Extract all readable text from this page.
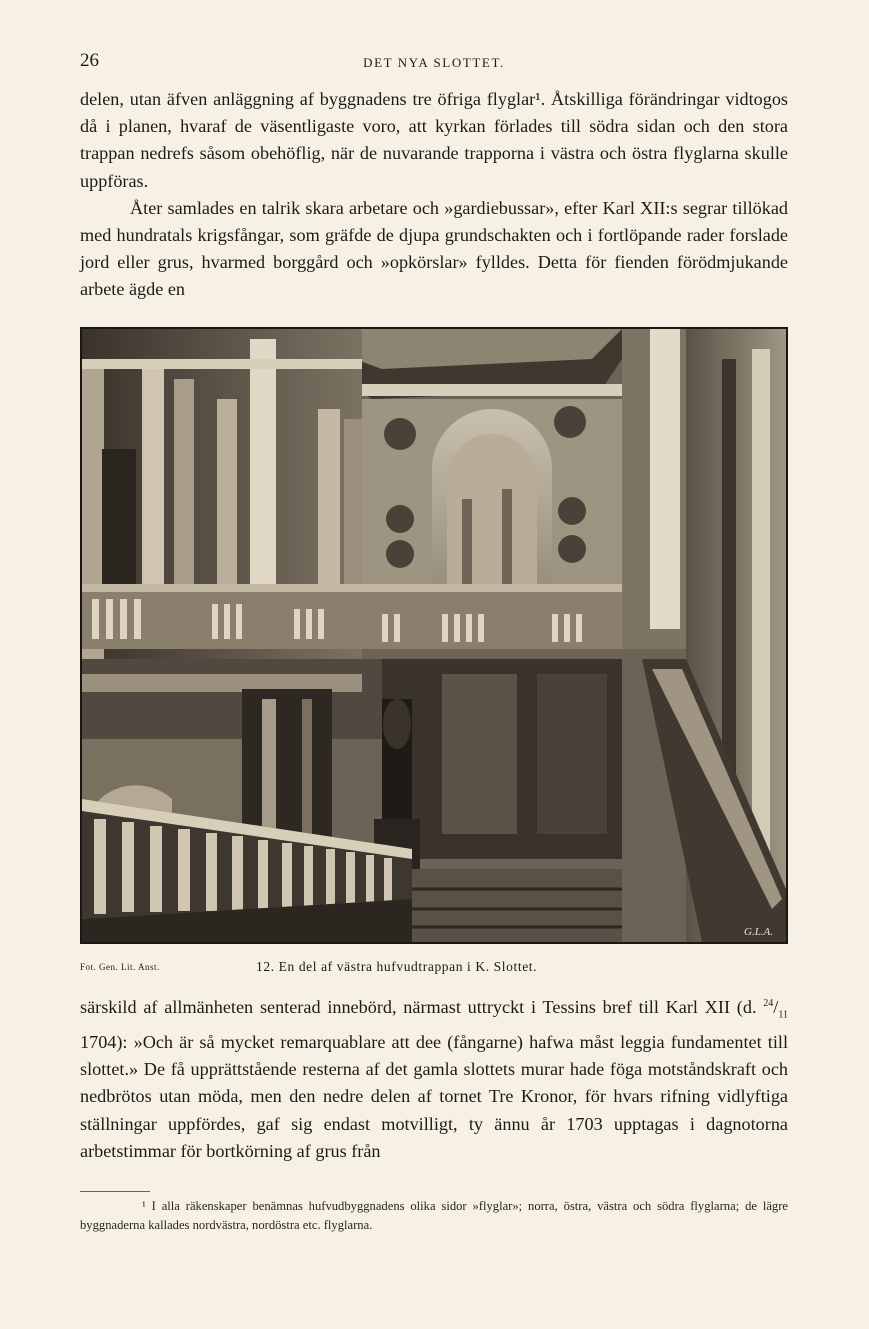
26	DET NYA SLOTTET.
delen, utan äfven anläggning af byggnadens tre öfriga flyglar¹. Åtskilliga förändringar vidtogos då i planen, hvaraf de väsentligaste voro, att kyrkan förlades till södra sidan och den stora trappan nedrefs såsom obehöflig, när de nuvarande trapporna i västra och östra flyglarna skulle uppföras.
Åter samlades en talrik skara arbetare och »gardiebussar», efter Karl XII:s segrar tillökad med hundratals krigsfångar, som gräfde de djupa grundschakten och i fortlöpande rader forslade jord eller grus, hvarmed borggård och »opkörslar» fylldes. Detta för fienden förödmjukande arbete ägde en
G.L.A.
Fot. Gen. Lit. Anst.	12. En del af västra hufvudtrappan i K. Slottet.

särskild af allmänheten senterad innebörd, närmast uttryckt i Tessins bref till Karl XII (d. $^{24}/_{11}$ 1704): »Och är så mycket remarquablare att dee (fångarne) hafwa måst leggia fundamentet till slottet.» De få upprättstående resterna af det gamla slottets murar hade föga motståndskraft och nedbrötos utan möda, men den nedre delen af tornet Tre Kronor, för hvars rifning vidlyftiga ställningar uppfördes, gaf sig endast motvilligt, ty ännu år 1703 upptagas i dagnotorna arbetstimmar för bortkörning af grus från

¹ I alla räkenskaper benämnas hufvudbyggnadens olika sidor »flyglar»; norra, östra, västra och södra flyglarna; de lägre byggnaderna kallades nordvästra, nordöstra etc. flyglarna.
